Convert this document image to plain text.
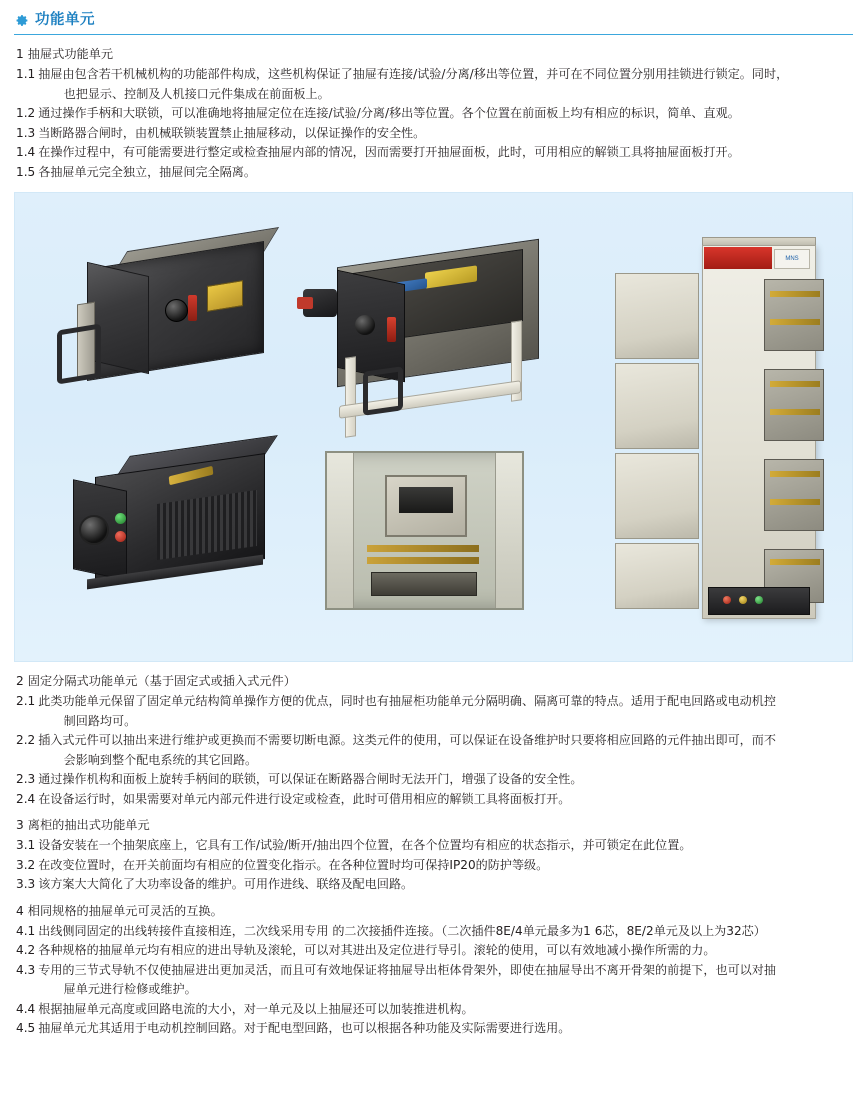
功能单元
1 抽屉式功能单元
1.1 抽屉由包含若干机械机构的功能部件构成，这些机构保证了抽屉有连接/试验/分离/移出等位置，并可在不同位置分别用挂锁进行锁定。同时，
也把显示、控制及人机接口元件集成在前面板上。
1.2 通过操作手柄和大联锁，可以准确地将抽屉定位在连接/试验/分离/移出等位置。各个位置在前面板上均有相应的标识，简单、直观。
1.3 当断路器合闸时，由机械联锁装置禁止抽屉移动，以保证操作的安全性。
1.4 在操作过程中，有可能需要进行整定或检查抽屉内部的情况，因而需要打开抽屉面板，此时，可用相应的解锁工具将抽屉面板打开。
1.5 各抽屉单元完全独立，抽屉间完全隔离。
MNS
2 固定分隔式功能单元（基于固定式或插入式元件）
2.1 此类功能单元保留了固定单元结构简单操作方便的优点，同时也有抽屉柜功能单元分隔明确、隔离可靠的特点。适用于配电回路或电动机控
制回路均可。
2.2 插入式元件可以抽出来进行维护或更换而不需要切断电源。这类元件的使用，可以保证在设备维护时只要将相应回路的元件抽出即可，而不
会影响到整个配电系统的其它回路。
2.3 通过操作机构和面板上旋转手柄间的联锁，可以保证在断路器合闸时无法开门，增强了设备的安全性。
2.4 在设备运行时，如果需要对单元内部元件进行设定或检查，此时可借用相应的解锁工具将面板打开。
3 离柜的抽出式功能单元
3.1 设备安装在一个抽架底座上，它具有工作/试验/断开/抽出四个位置，在各个位置均有相应的状态指示，并可锁定在此位置。
3.2 在改变位置时，在开关前面均有相应的位置变化指示。在各种位置时均可保持IP20的防护等级。
3.3 该方案大大简化了大功率设备的维护。可用作进线、联络及配电回路。
4 相同规格的抽屉单元可灵活的互换。
4.1 出线侧同固定的出线转接件直接相连，二次线采用专用 的二次接插件连接。（二次插件8E/4单元最多为1 6芯，8E/2单元及以上为32芯）
4.2 各种规格的抽屉单元均有相应的进出导轨及滚轮，可以对其进出及定位进行导引。滚轮的使用，可以有效地减小操作所需的力。
4.3 专用的三节式导轨不仅使抽屉进出更加灵活，而且可有效地保证将抽屉导出柜体骨架外，即使在抽屉导出不离开骨架的前提下，也可以对抽
屉单元进行检修或维护。
4.4 根据抽屉单元高度或回路电流的大小，对一单元及以上抽屉还可以加装推进机构。
4.5 抽屉单元尤其适用于电动机控制回路。对于配电型回路，也可以根据各种功能及实际需要进行选用。
